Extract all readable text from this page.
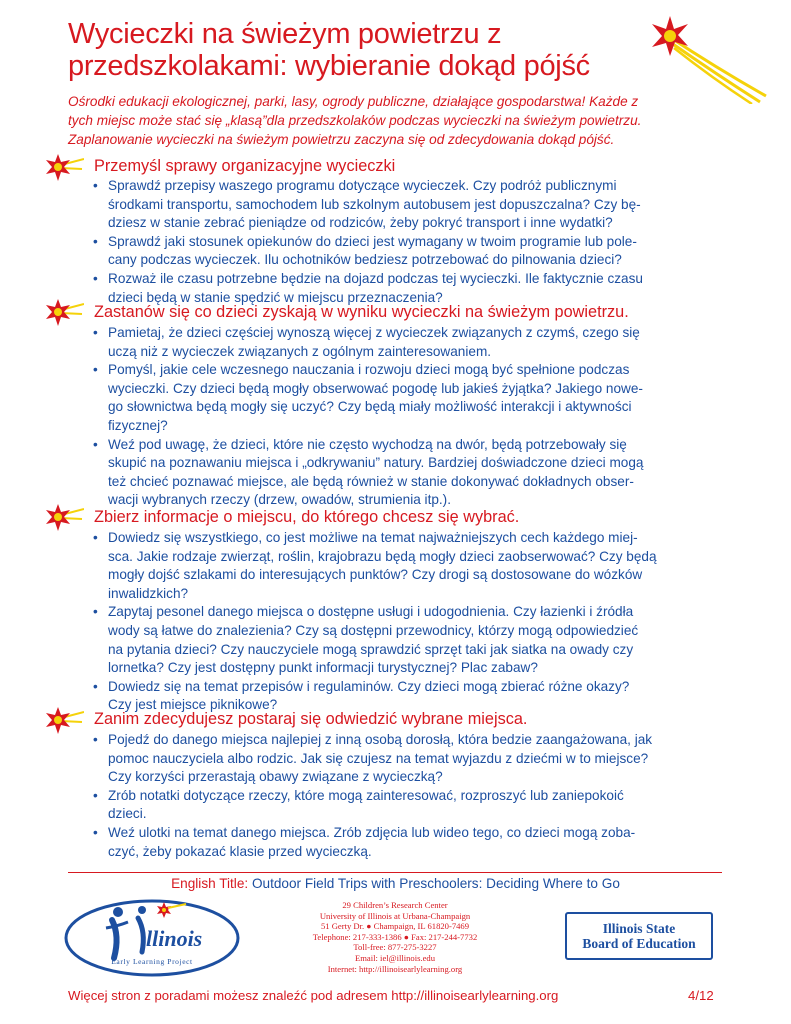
Wycieczki na świeżym powietrzu z
przedszkolakami: wybieranie dokąd pójść
Ośrodki edukacji ekologicznej, parki, lasy, ogrody publiczne, działające gospodarstwa! Każde z
tych miejsc może stać się „klasą”dla przedszkolaków podczas wycieczki na świeżym powietrzu.
Zaplanowanie wycieczki na świeżym powietrzu zaczyna się od zdecydowania dokąd pójść.
Przemyśl sprawy organizacyjne wycieczki
• Sprawdź przepisy waszego programu dotyczące wycieczek. Czy podróż publicznymi
środkami transportu, samochodem lub szkolnym autobusem jest dopuszczalna? Czy bę-
dziesz w stanie zebrać pieniądze od rodziców, żeby pokryć transport i inne wydatki?
• Sprawdź jaki stosunek opiekunów do dzieci jest wymagany w twoim programie lub pole-
cany podczas wycieczek. Ilu ochotników bedziesz potrzebować do pilnowania dzieci?
• Rozważ ile czasu potrzebne będzie na dojazd podczas tej wycieczki. Ile faktycznie czasu
dzieci będą w stanie spędzić w miejscu przeznaczenia?
Zastanów się co dzieci zyskają w wyniku wycieczki na świeżym powietrzu.
• Pamietaj, że dzieci częściej wynoszą więcej z wycieczek związanych z czymś, czego się
uczą niż z wycieczek związanych z ogólnym zainteresowaniem.
• Pomyśl, jakie cele wczesnego nauczania i rozwoju dzieci mogą być spełnione podczas
wycieczki. Czy dzieci będą mogły obserwować pogodę lub jakieś żyjątka? Jakiego nowe-
go słownictwa będą mogły się uczyć? Czy będą miały możliwość interakcji i aktywności
fizycznej?
• Weź pod uwagę, że dzieci, które nie często wychodzą na dwór, będą potrzebowały się
skupić na poznawaniu miejsca i „odkrywaniu” natury. Bardziej doświadczone dzieci mogą
też chcieć poznawać miejsce, ale będą również w stanie dokonywać dokładnych obser-
wacji wybranych rzeczy (drzew, owadów, strumienia itp.).
Zbierz informacje o miejscu, do którego chcesz się wybrać.
• Dowiedz się wszystkiego, co jest możliwe na temat najważniejszych cech każdego miej-
sca. Jakie rodzaje zwierząt, roślin, krajobrazu będą mogły dzieci zaobserwować? Czy będą
mogły dojść szlakami do interesujących punktów? Czy drogi są dostosowane do wózków
inwalidzkich?
• Zapytaj pesonel danego miejsca o dostępne usługi i udogodnienia. Czy łazienki i źródła
wody są łatwe do znalezienia? Czy są dostępni przewodnicy, którzy mogą odpowiedzieć
na pytania dzieci? Czy nauczyciele mogą sprawdzić sprzęt taki jak siatka na owady czy
lornetka? Czy jest dostępny punkt informacji turystycznej? Plac zabaw?
• Dowiedz się na temat przepisów i regulaminów. Czy dzieci mogą zbierać różne okazy?
Czy jest miejsce piknikowe?
Zanim zdecydujesz postaraj się odwiedzić wybrane miejsca.
• Pojedź do danego miejsca najlepiej z inną osobą dorosłą, która bedzie zaangażowana, jak
pomoc nauczyciela albo rodzic. Jak się czujesz na temat wyjazdu z dziećmi w to miejsce?
Czy korzyści przerastają obawy związane z wycieczką?
• Zrób notatki dotyczące rzeczy, które mogą zainteresować, rozproszyć lub zaniepokoić
dzieci.
• Weź ulotki na temat danego miejsca. Zrób zdjęcia lub wideo tego, co dzieci mogą zoba-
czyć, żeby pokazać klasie przed wycieczką.
English Title: Outdoor Field Trips with Preschoolers: Deciding Where to Go
llinois
Early Learning Project
29 Children’s Research Center
University of Illinois at Urbana-Champaign
51 Gerty Dr. ● Champaign, IL 61820-7469
Telephone: 217-333-1386 ● Fax: 217-244-7732
Toll-free: 877-275-3227
Email: iel@illinois.edu
Internet: http://illinoisearlylearning.org
Illinois State
Board of Education
Więcej stron z poradami możesz znaleźć pod adresem http://illinoisearlylearning.org	4/12
